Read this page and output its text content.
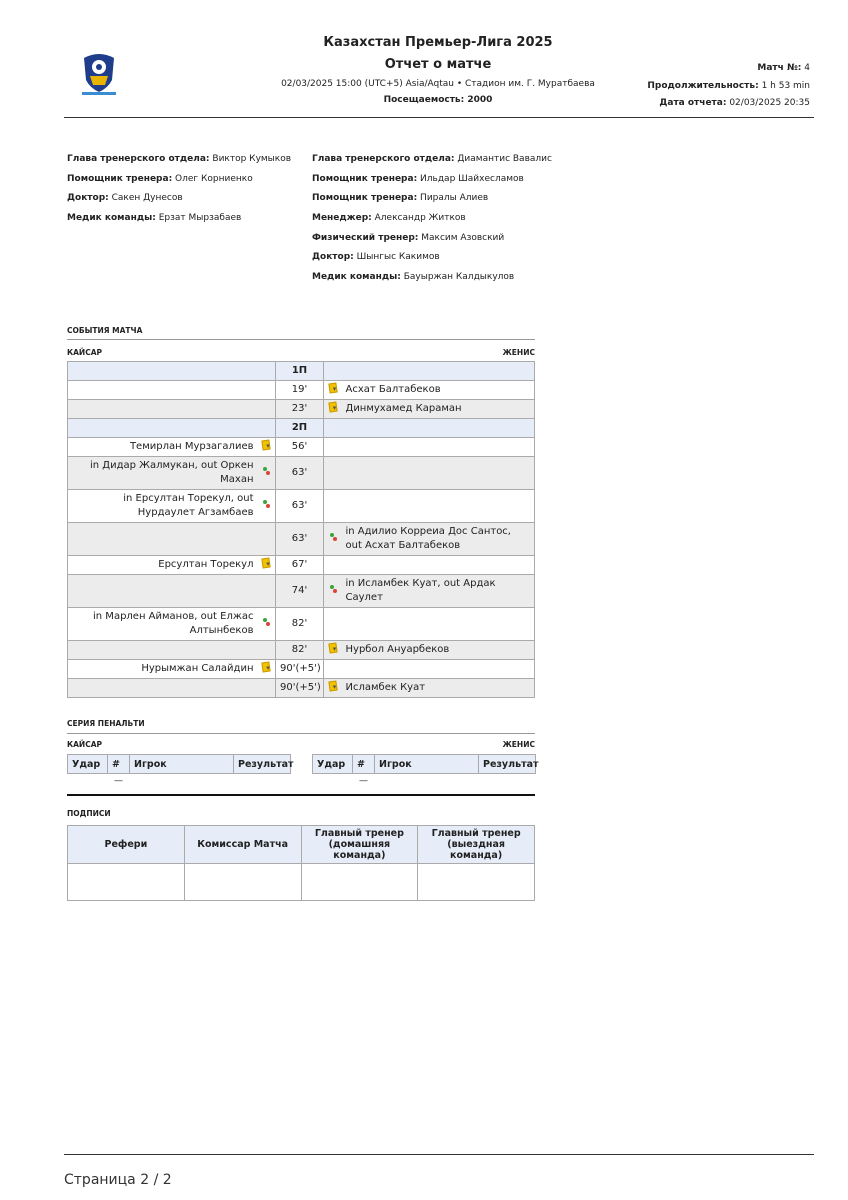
Казахстан Премьер-Лига 2025
Отчет о матче
02/03/2025 15:00 (UTC+5) Asia/Aqtau • Стадион им. Г. Муратбаева
Посещаемость: 2000
Матч №: 4
Продолжительность: 1 h 53 min
Дата отчета: 02/03/2025 20:35
Глава тренерского отдела: Виктор Кумыков
Помощник тренера: Олег Корниенко
Доктор: Сакен Дунесов
Медик команды: Ерзат Мырзабаев
Глава тренерского отдела: Диамантис Вавалис
Помощник тренера: Ильдар Шайхесламов
Помощник тренера: Пиралы Алиев
Менеджер: Александр Житков
Физический тренер: Максим Азовский
Доктор: Шынгыс Какимов
Медик команды: Бауыржан Калдыкулов
СОБЫТИЯ МАТЧА
КАЙСАР	ЖЕНИС
		1П		
		19'	▾	Асхат Балтабеков
		23'	▾	Динмухамед Караман
		2П		
Темирлан Мурзагалиев	▾	56'		
in Дидар Жалмукан, out Оркен Махан		63'		
in Ерсултан Торекул, out Нурдаулет Агзамбаев		63'		
		63'		in Адилио Корреиа Дос Сантос, out Асхат Балтабеков
Ерсултан Торекул	▾	67'		
		74'		in Исламбек Куат, out Ардак Саулет
in Марлен Айманов, out Елжас Алтынбеков		82'		
		82'	▾	Нурбол Ануарбеков
Нурымжан Салайдин	▾	90'(+5')		
		90'(+5')	▾	Исламбек Куат
СЕРИЯ ПЕНАЛЬТИ
КАЙСАР	ЖЕНИС
Удар	#	Игрок	Результат
	—		
Удар	#	Игрок	Результат
	—		
ПОДПИСИ
Рефери	Комиссар Матча	Главный тренер (домашняя команда)	Главный тренер (выездная команда)

Страница 2 / 2
